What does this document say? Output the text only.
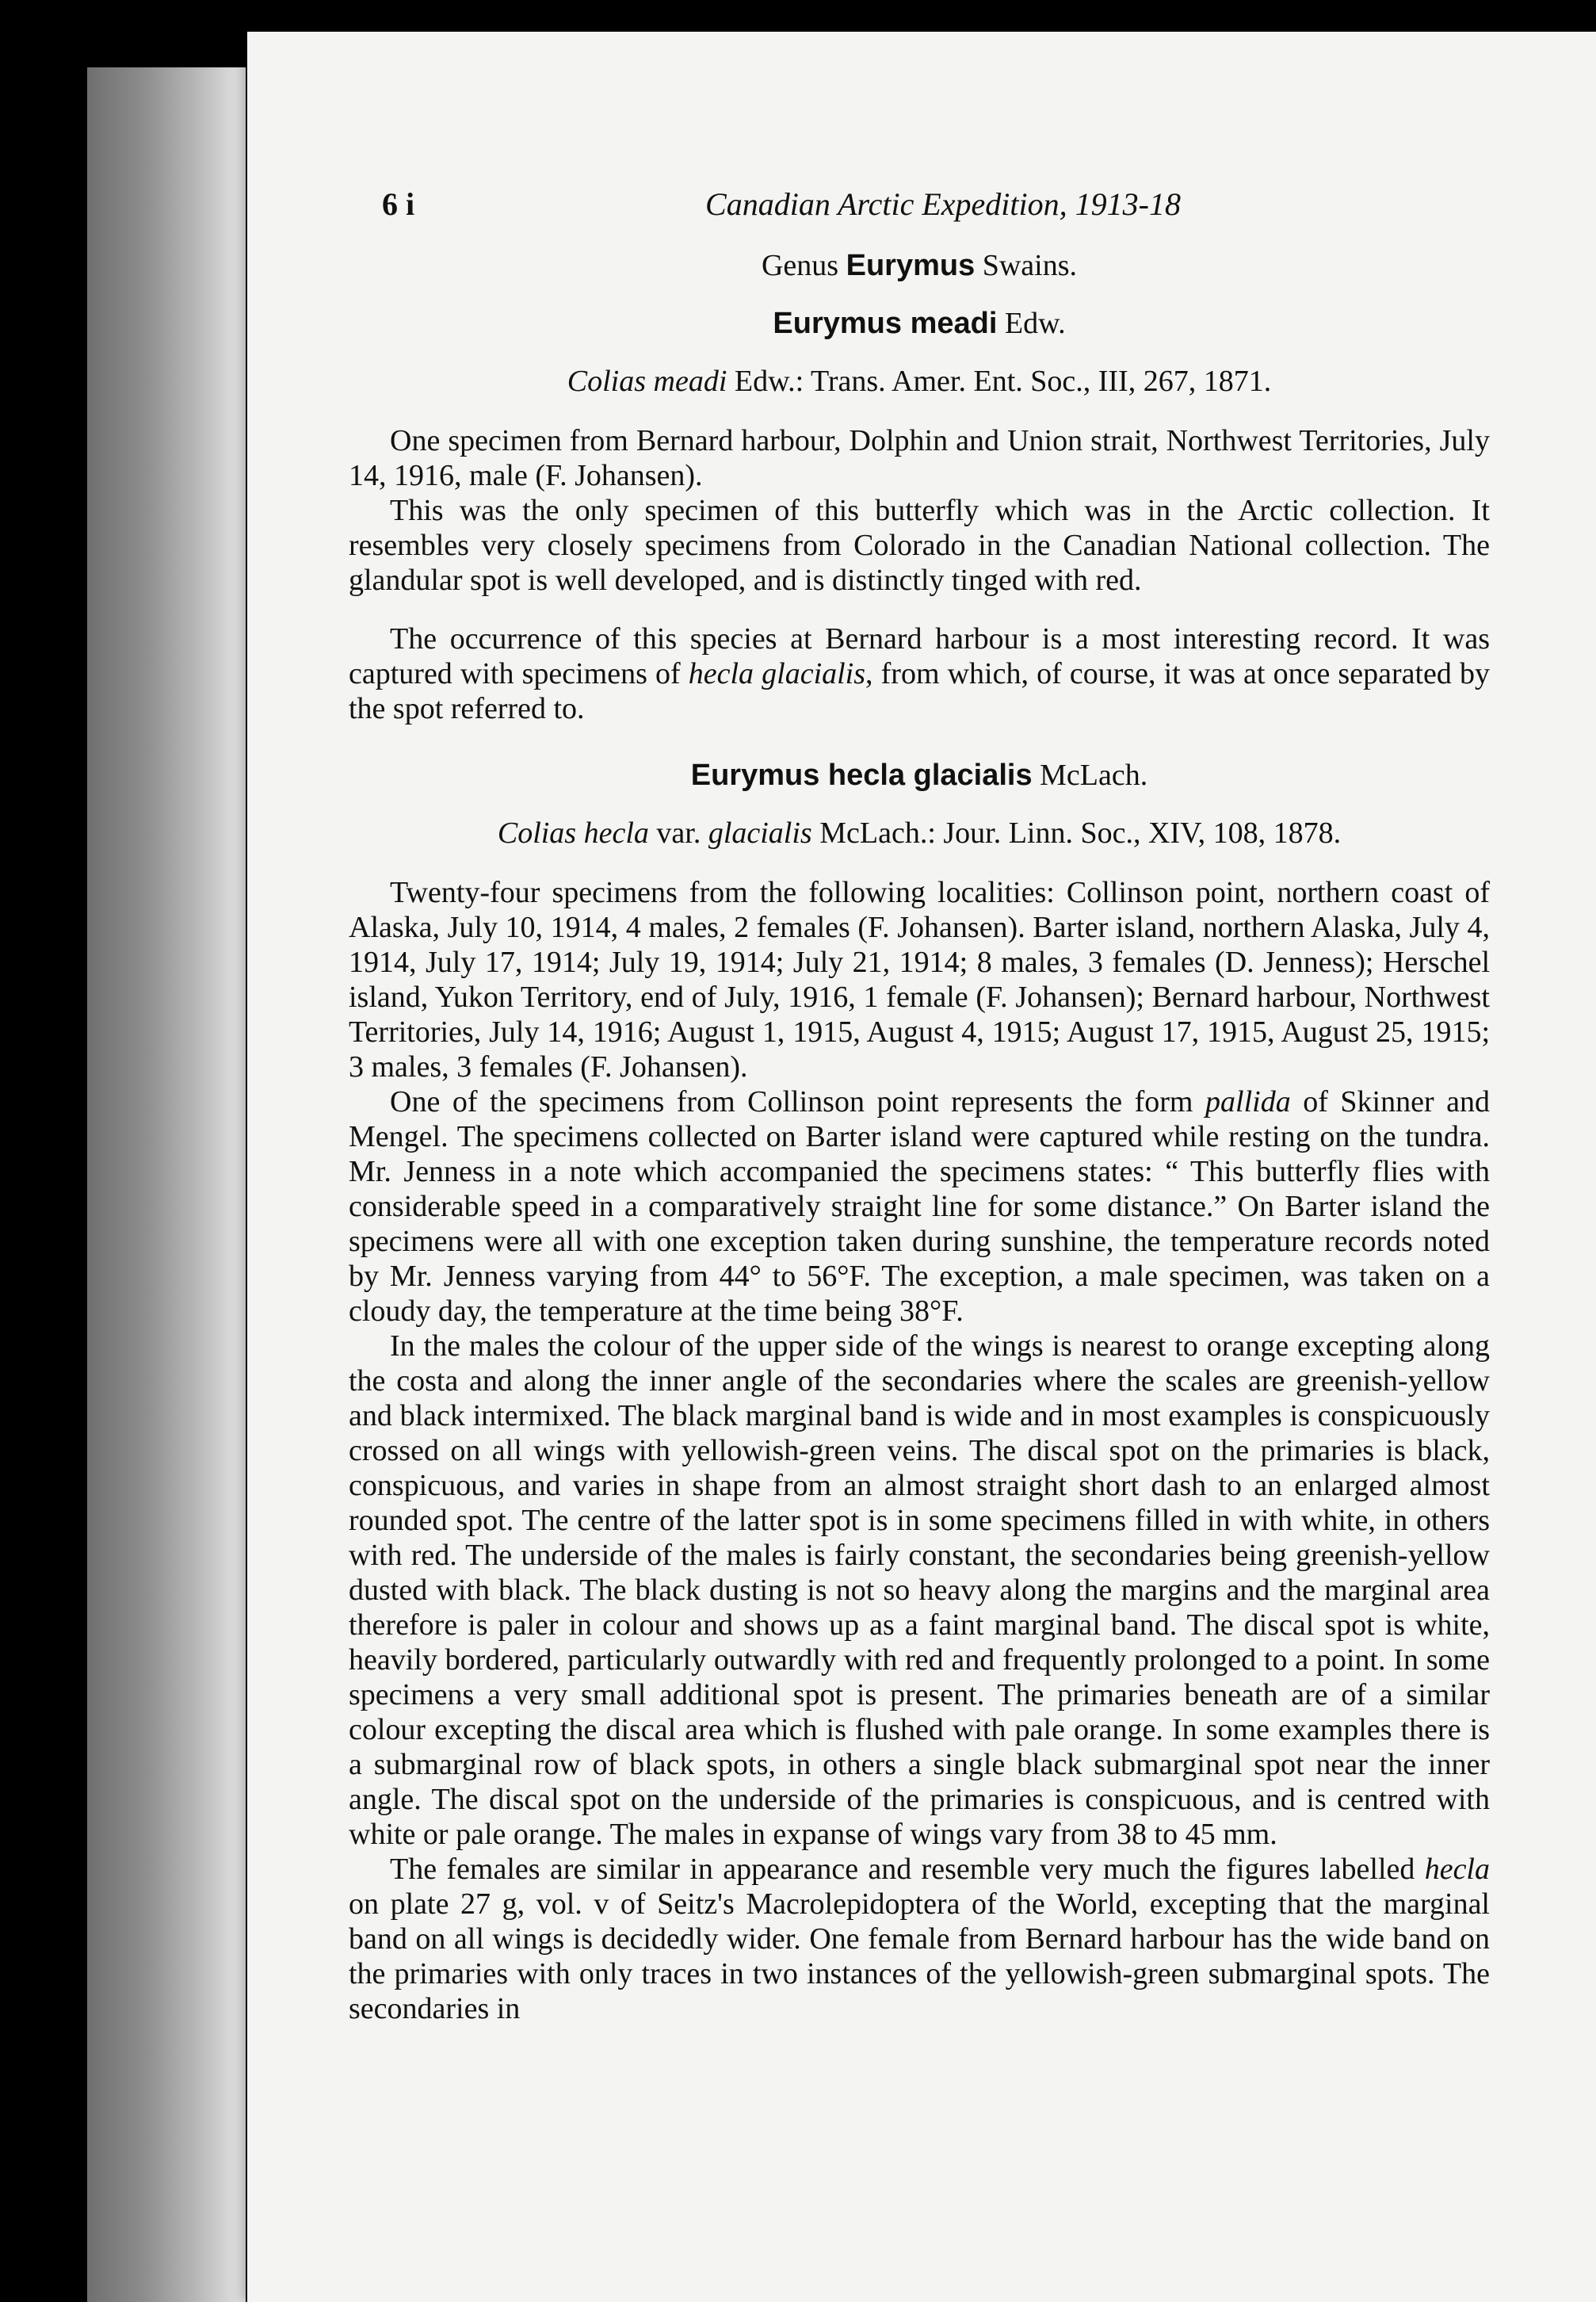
6 i	Canadian Arctic Expedition, 1913-18
Genus Eurymus Swains.
Eurymus meadi Edw.
Colias meadi Edw.: Trans. Amer. Ent. Soc., III, 267, 1871.

One specimen from Bernard harbour, Dolphin and Union strait, Northwest Territories, July 14, 1916, male (F. Johansen).

This was the only specimen of this butterfly which was in the Arctic collection. It resembles very closely specimens from Colorado in the Canadian National collection. The glandular spot is well developed, and is distinctly tinged with red.

The occurrence of this species at Bernard harbour is a most interesting record. It was captured with specimens of hecla glacialis, from which, of course, it was at once separated by the spot referred to.

Eurymus hecla glacialis McLach.
Colias hecla var. glacialis McLach.: Jour. Linn. Soc., XIV, 108, 1878.

Twenty-four specimens from the following localities: Collinson point, northern coast of Alaska, July 10, 1914, 4 males, 2 females (F. Johansen). Barter island, northern Alaska, July 4, 1914, July 17, 1914; July 19, 1914; July 21, 1914; 8 males, 3 females (D. Jenness); Herschel island, Yukon Territory, end of July, 1916, 1 female (F. Johansen); Bernard harbour, Northwest Territories, July 14, 1916; August 1, 1915, August 4, 1915; August 17, 1915, August 25, 1915; 3 males, 3 females (F. Johansen).

One of the specimens from Collinson point represents the form pallida of Skinner and Mengel. The specimens collected on Barter island were captured while resting on the tundra. Mr. Jenness in a note which accompanied the specimens states: “ This butterfly flies with considerable speed in a comparatively straight line for some distance.” On Barter island the specimens were all with one exception taken during sunshine, the temperature records noted by Mr. Jenness varying from 44° to 56°F. The exception, a male specimen, was taken on a cloudy day, the temperature at the time being 38°F.

In the males the colour of the upper side of the wings is nearest to orange excepting along the costa and along the inner angle of the secondaries where the scales are greenish-yellow and black intermixed. The black marginal band is wide and in most examples is conspicuously crossed on all wings with yellowish-green veins. The discal spot on the primaries is black, conspicuous, and varies in shape from an almost straight short dash to an enlarged almost rounded spot. The centre of the latter spot is in some specimens filled in with white, in others with red. The underside of the males is fairly constant, the secondaries being greenish-yellow dusted with black. The black dusting is not so heavy along the margins and the marginal area therefore is paler in colour and shows up as a faint marginal band. The discal spot is white, heavily bordered, particularly outwardly with red and frequently prolonged to a point. In some specimens a very small additional spot is present. The primaries beneath are of a similar colour excepting the discal area which is flushed with pale orange. In some examples there is a submarginal row of black spots, in others a single black submarginal spot near the inner angle. The discal spot on the underside of the primaries is conspicuous, and is centred with white or pale orange. The males in expanse of wings vary from 38 to 45 mm.

The females are similar in appearance and resemble very much the figures labelled hecla on plate 27 g, vol. v of Seitz's Macrolepidoptera of the World, excepting that the marginal band on all wings is decidedly wider. One female from Bernard harbour has the wide band on the primaries with only traces in two instances of the yellowish-green submarginal spots. The secondaries in
